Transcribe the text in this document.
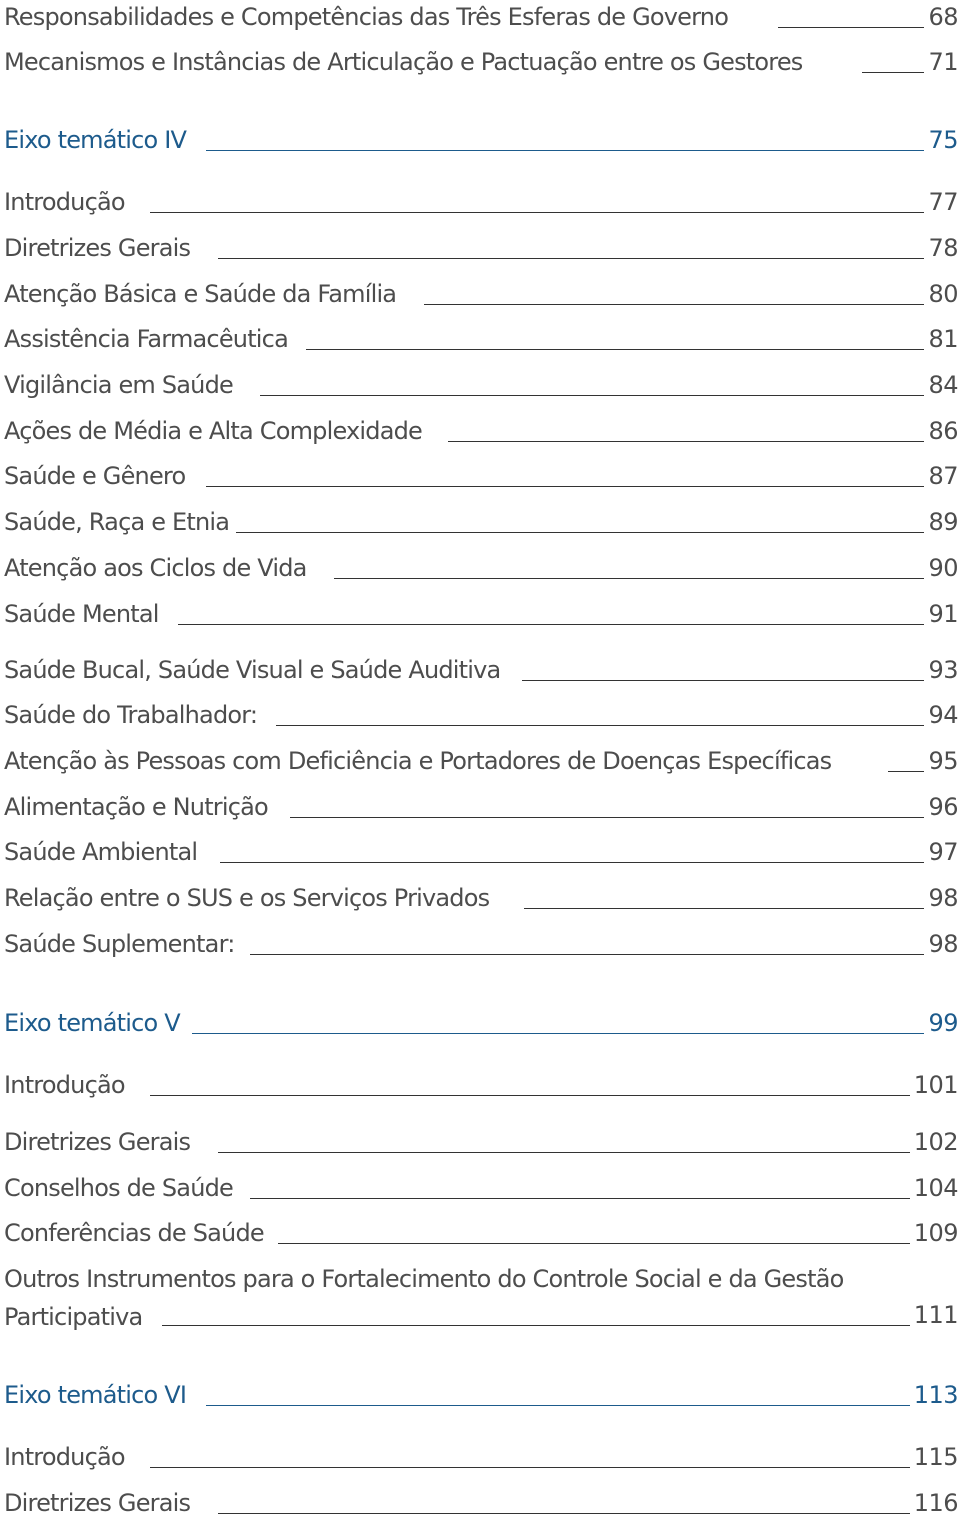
Responsabilidades e Competências das Três Esferas de Governo	68
Mecanismos e Instâncias de Articulação e Pactuação entre os Gestores	71
Eixo temático IV	75
Introdução	77
Diretrizes Gerais	78
Atenção Básica e Saúde da Família	80
Assistência Farmacêutica	81
Vigilância em Saúde	84
Ações de Média e Alta Complexidade	86
Saúde e Gênero	87
Saúde, Raça e Etnia	89
Atenção aos Ciclos de Vida	90
Saúde Mental	91
Saúde Bucal, Saúde Visual e Saúde Auditiva	93
Saúde do Trabalhador:	94
Atenção às Pessoas com Deficiência e Portadores de Doenças Específicas	95
Alimentação e Nutrição	96
Saúde Ambiental	97
Relação entre o SUS e os Serviços Privados	98
Saúde Suplementar:	98
Eixo temático V	99
Introdução	101
Diretrizes Gerais	102
Conselhos de Saúde	104
Conferências de Saúde	109
Outros Instrumentos para o Fortalecimento do Controle Social e da Gestão Participativa	111
Eixo temático VI	113
Introdução	115
Diretrizes Gerais	116
